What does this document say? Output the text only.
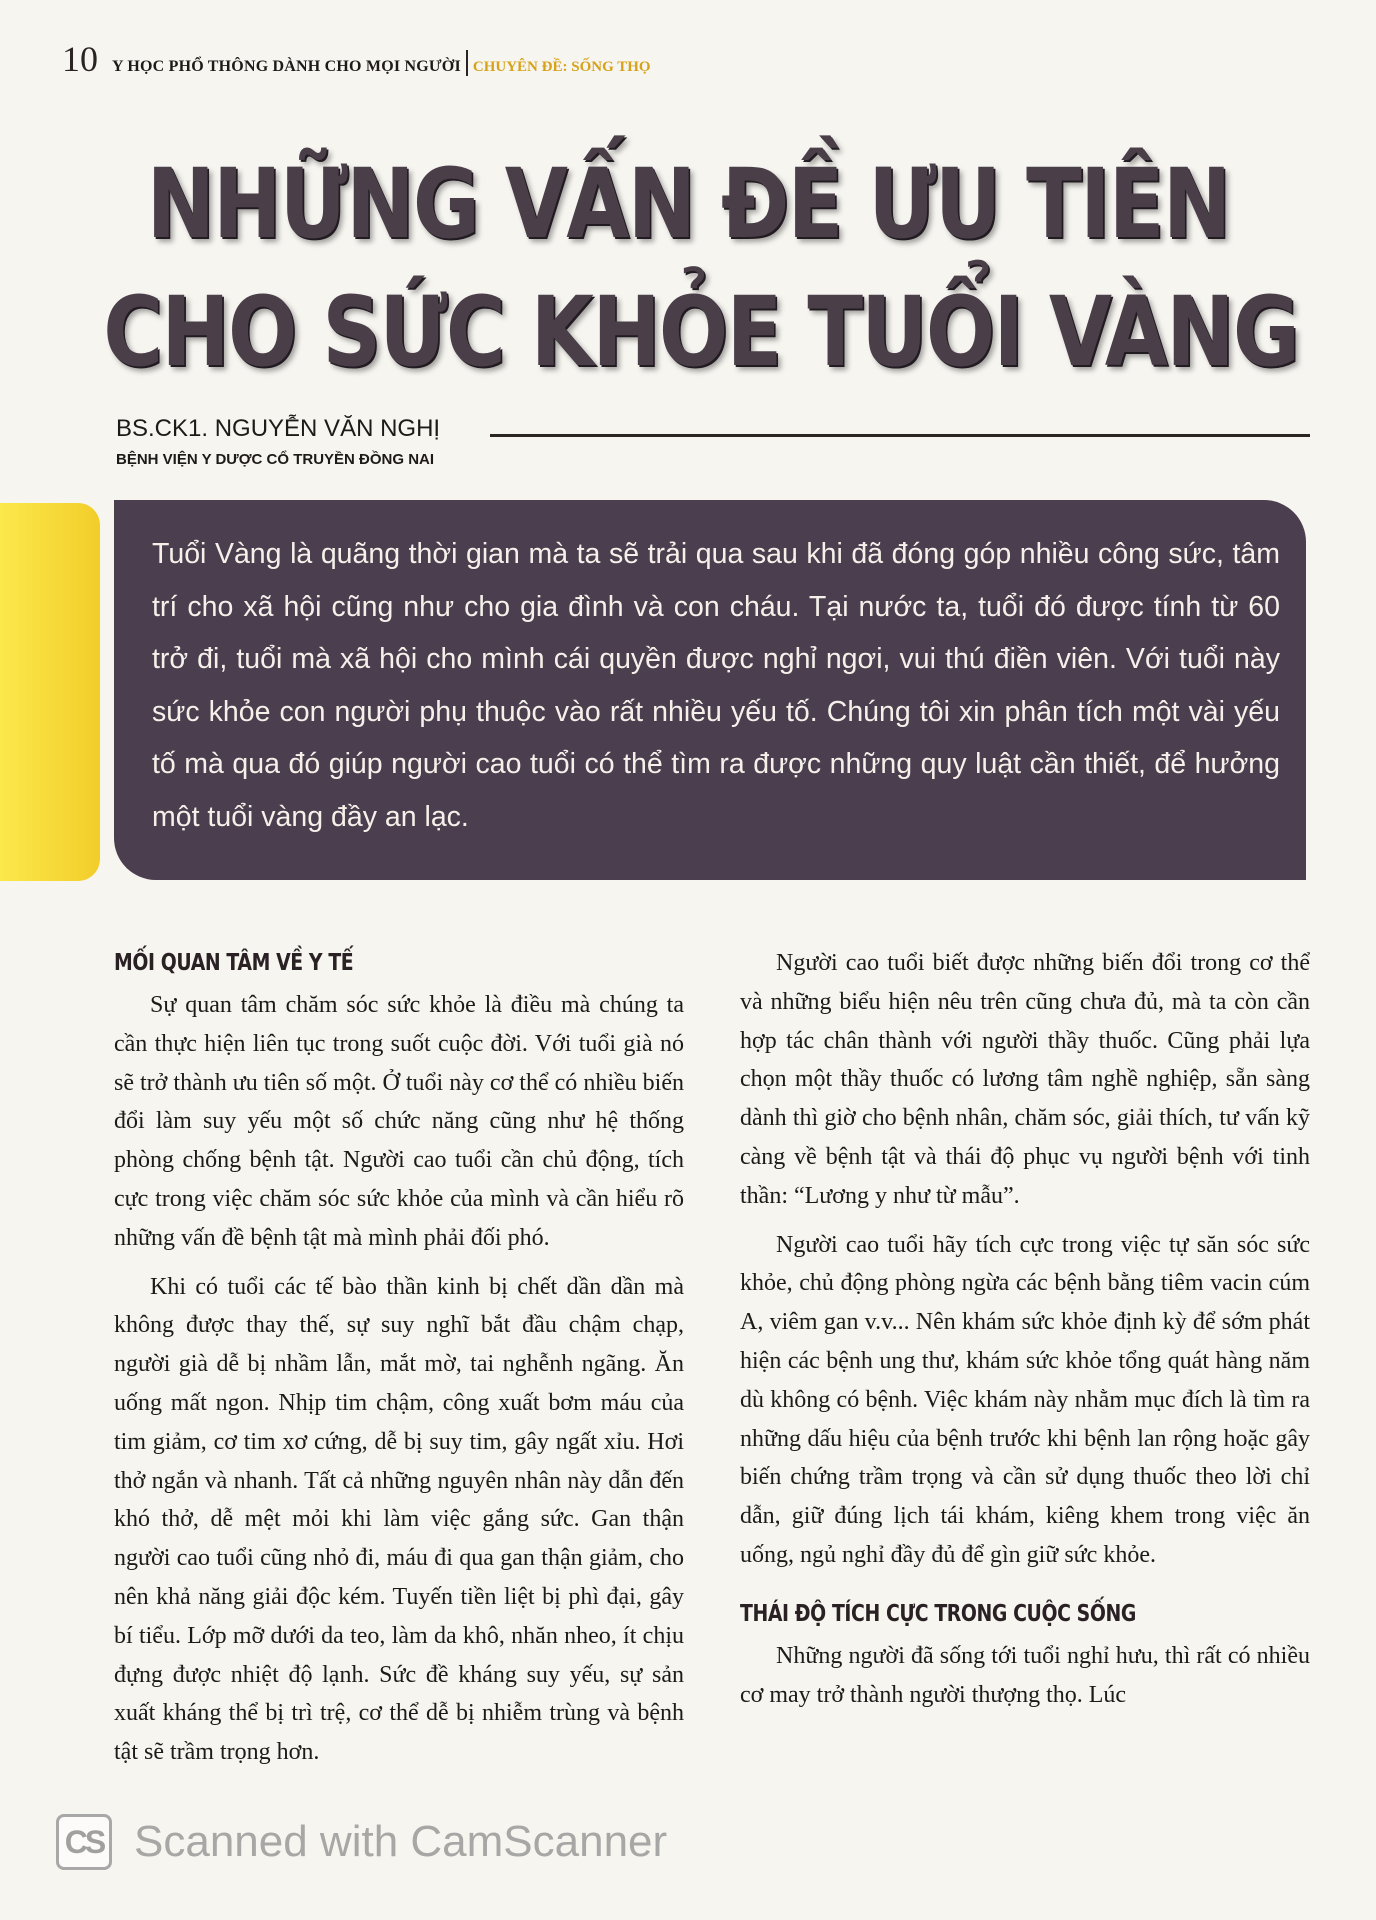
10 Y HỌC PHỔ THÔNG DÀNH CHO MỌI NGƯỜI CHUYÊN ĐỀ: SỐNG THỌ
NHỮNG VẤN ĐỀ ƯU TIÊN
CHO SỨC KHỎE TUỔI VÀNG
BS.CK1. NGUYỄN VĂN NGHỊ
BỆNH VIỆN Y DƯỢC CỔ TRUYỀN ĐỒNG NAI

Tuổi Vàng là quãng thời gian mà ta sẽ trải qua sau khi đã đóng góp nhiều công sức, tâm trí cho xã hội cũng như cho gia đình và con cháu. Tại nước ta, tuổi đó được tính từ 60 trở đi, tuổi mà xã hội cho mình cái quyền được nghỉ ngơi, vui thú điền viên. Với tuổi này sức khỏe con người phụ thuộc vào rất nhiều yếu tố. Chúng tôi xin phân tích một vài yếu tố mà qua đó giúp người cao tuổi có thể tìm ra được những quy luật cần thiết, để hưởng một tuổi vàng đầy an lạc.

MỐI QUAN TÂM VỀ Y TẾ

Sự quan tâm chăm sóc sức khỏe là điều mà chúng ta cần thực hiện liên tục trong suốt cuộc đời. Với tuổi già nó sẽ trở thành ưu tiên số một. Ở tuổi này cơ thể có nhiều biến đổi làm suy yếu một số chức năng cũng như hệ thống phòng chống bệnh tật. Người cao tuổi cần chủ động, tích cực trong việc chăm sóc sức khỏe của mình và cần hiểu rõ những vấn đề bệnh tật mà mình phải đối phó.

Khi có tuổi các tế bào thần kinh bị chết dần dần mà không được thay thế, sự suy nghĩ bắt đầu chậm chạp, người già dễ bị nhầm lẫn, mắt mờ, tai nghễnh ngãng. Ăn uống mất ngon. Nhịp tim chậm, công xuất bơm máu của tim giảm, cơ tim xơ cứng, dễ bị suy tim, gây ngất xỉu. Hơi thở ngắn và nhanh. Tất cả những nguyên nhân này dẫn đến khó thở, dễ mệt mỏi khi làm việc gắng sức. Gan thận người cao tuổi cũng nhỏ đi, máu đi qua gan thận giảm, cho nên khả năng giải độc kém. Tuyến tiền liệt bị phì đại, gây bí tiểu. Lớp mỡ dưới da teo, làm da khô, nhăn nheo, ít chịu đựng được nhiệt độ lạnh. Sức đề kháng suy yếu, sự sản xuất kháng thể bị trì trệ, cơ thể dễ bị nhiễm trùng và bệnh tật sẽ trầm trọng hơn.

Người cao tuổi biết được những biến đổi trong cơ thể và những biểu hiện nêu trên cũng chưa đủ, mà ta còn cần hợp tác chân thành với người thầy thuốc. Cũng phải lựa chọn một thầy thuốc có lương tâm nghề nghiệp, sẵn sàng dành thì giờ cho bệnh nhân, chăm sóc, giải thích, tư vấn kỹ càng về bệnh tật và thái độ phục vụ người bệnh với tinh thần: “Lương y như từ mẫu”.

Người cao tuổi hãy tích cực trong việc tự săn sóc sức khỏe, chủ động phòng ngừa các bệnh bằng tiêm vacin cúm A, viêm gan v.v... Nên khám sức khỏe định kỳ để sớm phát hiện các bệnh ung thư, khám sức khỏe tổng quát hàng năm dù không có bệnh. Việc khám này nhằm mục đích là tìm ra những dấu hiệu của bệnh trước khi bệnh lan rộng hoặc gây biến chứng trầm trọng và cần sử dụng thuốc theo lời chỉ dẫn, giữ đúng lịch tái khám, kiêng khem trong việc ăn uống, ngủ nghỉ đầy đủ để gìn giữ sức khỏe.

THÁI ĐỘ TÍCH CỰC TRONG CUỘC SỐNG

Những người đã sống tới tuổi nghỉ hưu, thì rất có nhiều cơ may trở thành người thượng thọ. Lúc

CS Scanned with CamScanner
